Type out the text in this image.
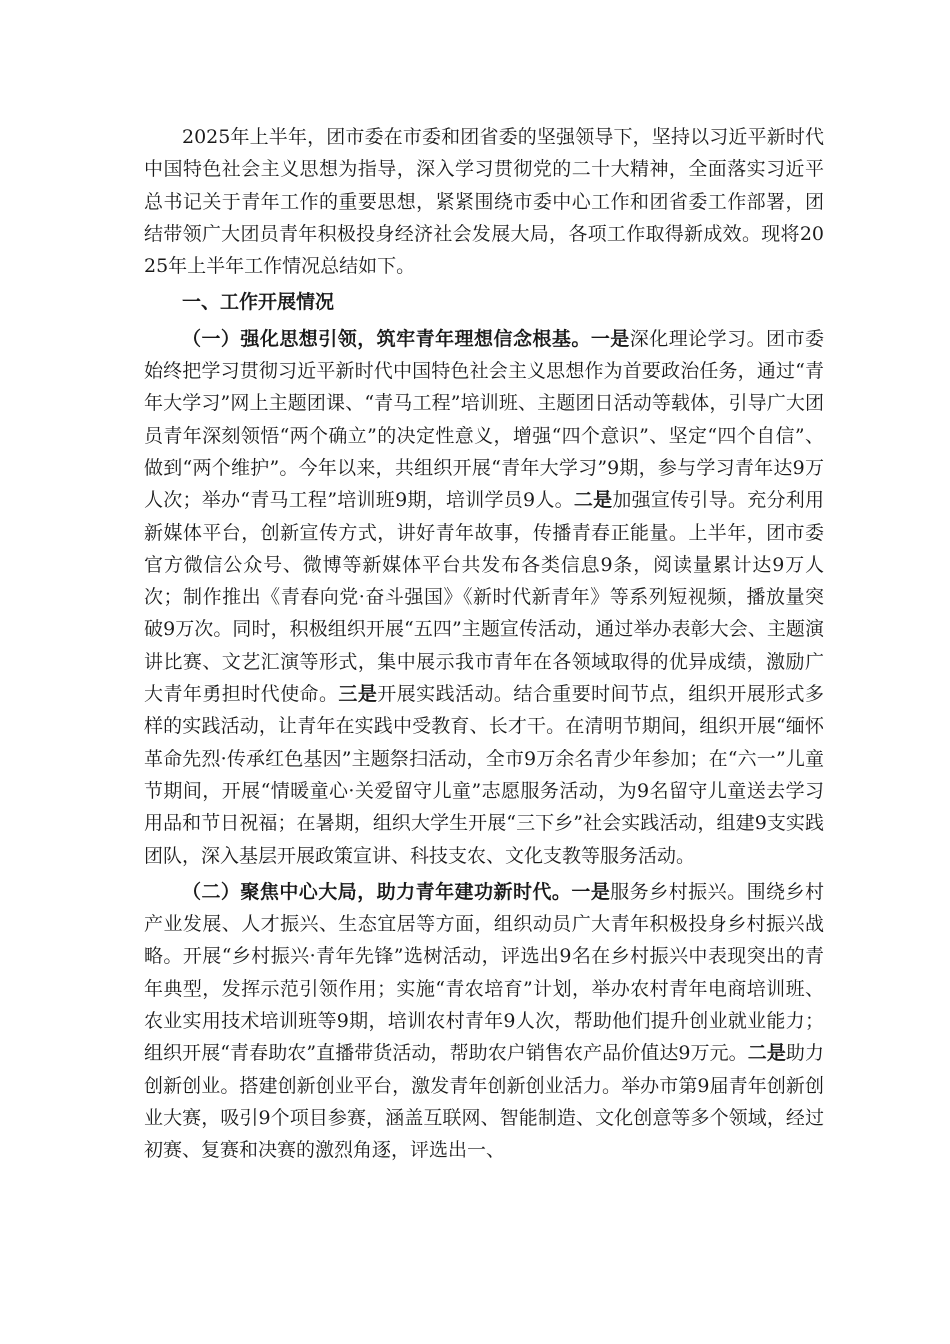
2025年上半年，团市委在市委和团省委的坚强领导下，坚持以习近平新时代中国特色社会主义思想为指导，深入学习贯彻党的二十大精神，全面落实习近平总书记关于青年工作的重要思想，紧紧围绕市委中心工作和团省委工作部署，团结带领广大团员青年积极投身经济社会发展大局，各项工作取得新成效。现将2025年上半年工作情况总结如下。

一、工作开展情况

（一）强化思想引领，筑牢青年理想信念根基。一是深化理论学习。团市委始终把学习贯彻习近平新时代中国特色社会主义思想作为首要政治任务，通过“青年大学习”网上主题团课、“青马工程”培训班、主题团日活动等载体，引导广大团员青年深刻领悟“两个确立”的决定性意义，增强“四个意识”、坚定“四个自信”、做到“两个维护”。今年以来，共组织开展“青年大学习”9期，参与学习青年达9万人次；举办“青马工程”培训班9期，培训学员9人。二是加强宣传引导。充分利用新媒体平台，创新宣传方式，讲好青年故事，传播青春正能量。上半年，团市委官方微信公众号、微博等新媒体平台共发布各类信息9条，阅读量累计达9万人次；制作推出《青春向党·奋斗强国》《新时代新青年》等系列短视频，播放量突破9万次。同时，积极组织开展“五四”主题宣传活动，通过举办表彰大会、主题演讲比赛、文艺汇演等形式，集中展示我市青年在各领域取得的优异成绩，激励广大青年勇担时代使命。三是开展实践活动。结合重要时间节点，组织开展形式多样的实践活动，让青年在实践中受教育、长才干。在清明节期间，组织开展“缅怀革命先烈·传承红色基因”主题祭扫活动，全市9万余名青少年参加；在“六一”儿童节期间，开展“情暖童心·关爱留守儿童”志愿服务活动，为9名留守儿童送去学习用品和节日祝福；在暑期，组织大学生开展“三下乡”社会实践活动，组建9支实践团队，深入基层开展政策宣讲、科技支农、文化支教等服务活动。

（二）聚焦中心大局，助力青年建功新时代。一是服务乡村振兴。围绕乡村产业发展、人才振兴、生态宜居等方面，组织动员广大青年积极投身乡村振兴战略。开展“乡村振兴·青年先锋”选树活动，评选出9名在乡村振兴中表现突出的青年典型，发挥示范引领作用；实施“青农培育”计划，举办农村青年电商培训班、农业实用技术培训班等9期，培训农村青年9人次，帮助他们提升创业就业能力；组织开展“青春助农”直播带货活动，帮助农户销售农产品价值达9万元。二是助力创新创业。搭建创新创业平台，激发青年创新创业活力。举办市第9届青年创新创业大赛，吸引9个项目参赛，涵盖互联网、智能制造、文化创意等多个领域，经过初赛、复赛和决赛的激烈角逐，评选出一、
